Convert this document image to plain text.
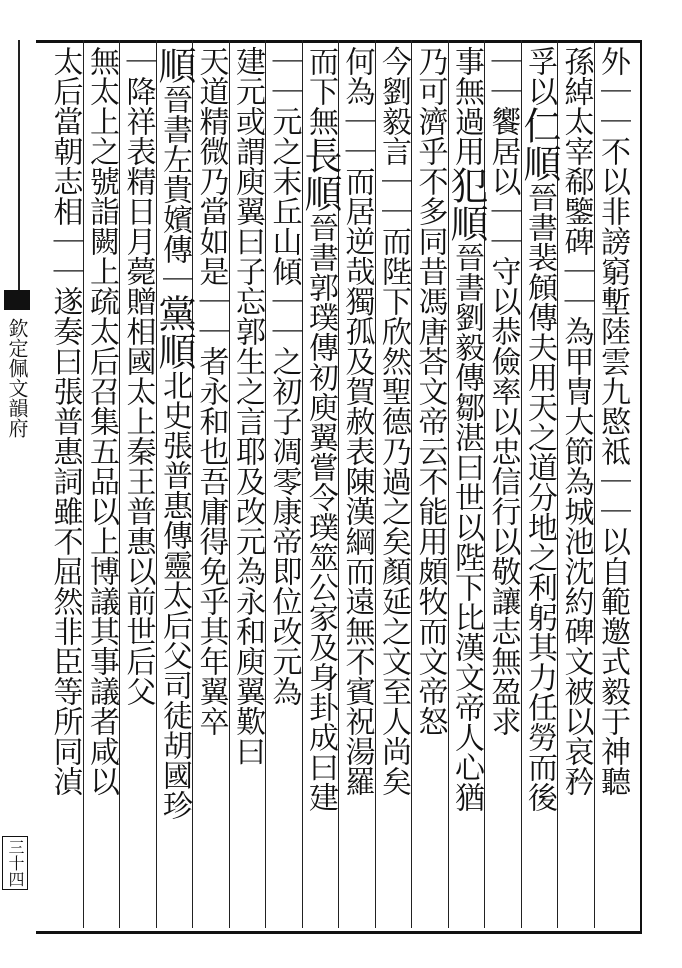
欽定佩文韻府
三十四
外｜｜不以非謗窮塹陸雲九愍祗｜｜以自範邀式毅于神聽
孫綽太宰郗鑒碑｜｜為甲冑大節為城池沈約碑文被以哀矜
孚以仁順晉書裴頠傳夫用天之道分地之利躬其力任勞而後
｜｜饗居以｜｜守以恭儉率以忠信行以敬讓志無盈求
事無過用犯順晉書劉毅傳鄒湛曰世以陛下比漢文帝人心猶
乃可濟乎不多同昔馮唐荅文帝云不能用頗牧而文帝怒
今劉毅言｜｜而陛下欣然聖德乃過之矣顏延之文至人尚矣
何為｜｜而居逆哉獨孤及賀赦表陳漢綱而遠無不賓祝湯羅
而下無長順晉書郭璞傳初庾翼嘗令璞筮公家及身卦成曰建
｜｜元之末丘山傾｜｜之初子凋零康帝即位改元為
建元或謂庾翼曰子忘郭生之言耶及改元為永和庾翼歎曰
天道精微乃當如是｜｜者永和也吾庸得免乎其年翼卒
順晉書左貴嬪傳｜黨順北史張普惠傳靈太后父司徒胡國珍
｜降祥表精日月薨贈相國太上秦王普惠以前世后父
無太上之號詣闕上疏太后召集五品以上博議其事議者咸以
太后當朝志相｜｜遂奏曰張普惠詞雖不屈然非臣等所同湞
